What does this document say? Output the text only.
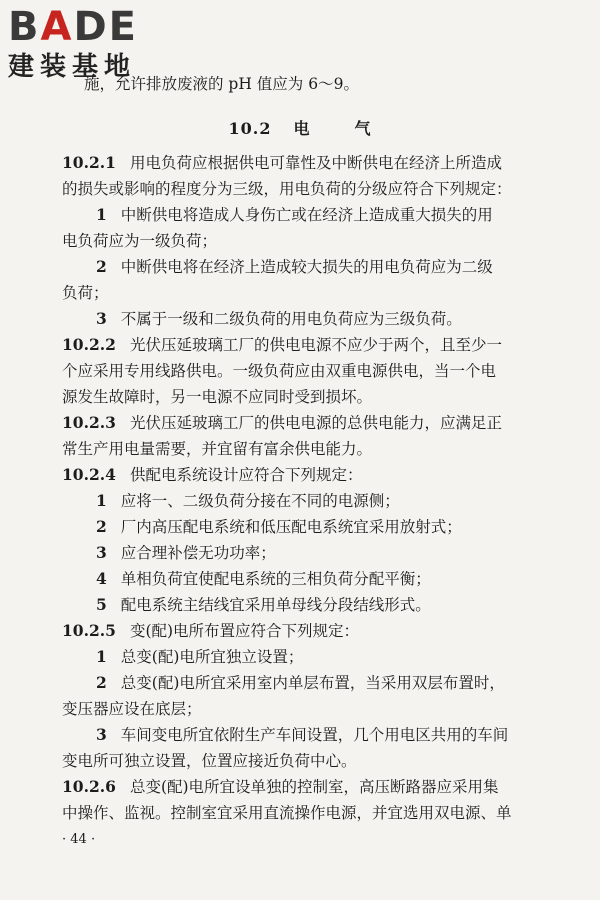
BADE
建装基地
施，允许排放废液的 pH 值应为 6～9。
10.2 电	气
10.2.1 用电负荷应根据供电可靠性及中断供电在经济上所造成
的损失或影响的程度分为三级，用电负荷的分级应符合下列规定：
1 中断供电将造成人身伤亡或在经济上造成重大损失的用
电负荷应为一级负荷；
2 中断供电将在经济上造成较大损失的用电负荷应为二级
负荷；
3 不属于一级和二级负荷的用电负荷应为三级负荷。
10.2.2 光伏压延玻璃工厂的供电电源不应少于两个，且至少一
个应采用专用线路供电。一级负荷应由双重电源供电，当一个电
源发生故障时，另一电源不应同时受到损坏。
10.2.3 光伏压延玻璃工厂的供电电源的总供电能力，应满足正
常生产用电量需要，并宜留有富余供电能力。
10.2.4 供配电系统设计应符合下列规定：
1 应将一、二级负荷分接在不同的电源侧；
2 厂内高压配电系统和低压配电系统宜采用放射式；
3 应合理补偿无功功率；
4 单相负荷宜使配电系统的三相负荷分配平衡；
5 配电系统主结线宜采用单母线分段结线形式。
10.2.5 变(配)电所布置应符合下列规定：
1 总变(配)电所宜独立设置；
2 总变(配)电所宜采用室内单层布置，当采用双层布置时，
变压器应设在底层；
3 车间变电所宜依附生产车间设置，几个用电区共用的车间
变电所可独立设置，位置应接近负荷中心。
10.2.6 总变(配)电所宜设单独的控制室，高压断路器应采用集
中操作、监视。控制室宜采用直流操作电源，并宜选用双电源、单
· 44 ·
